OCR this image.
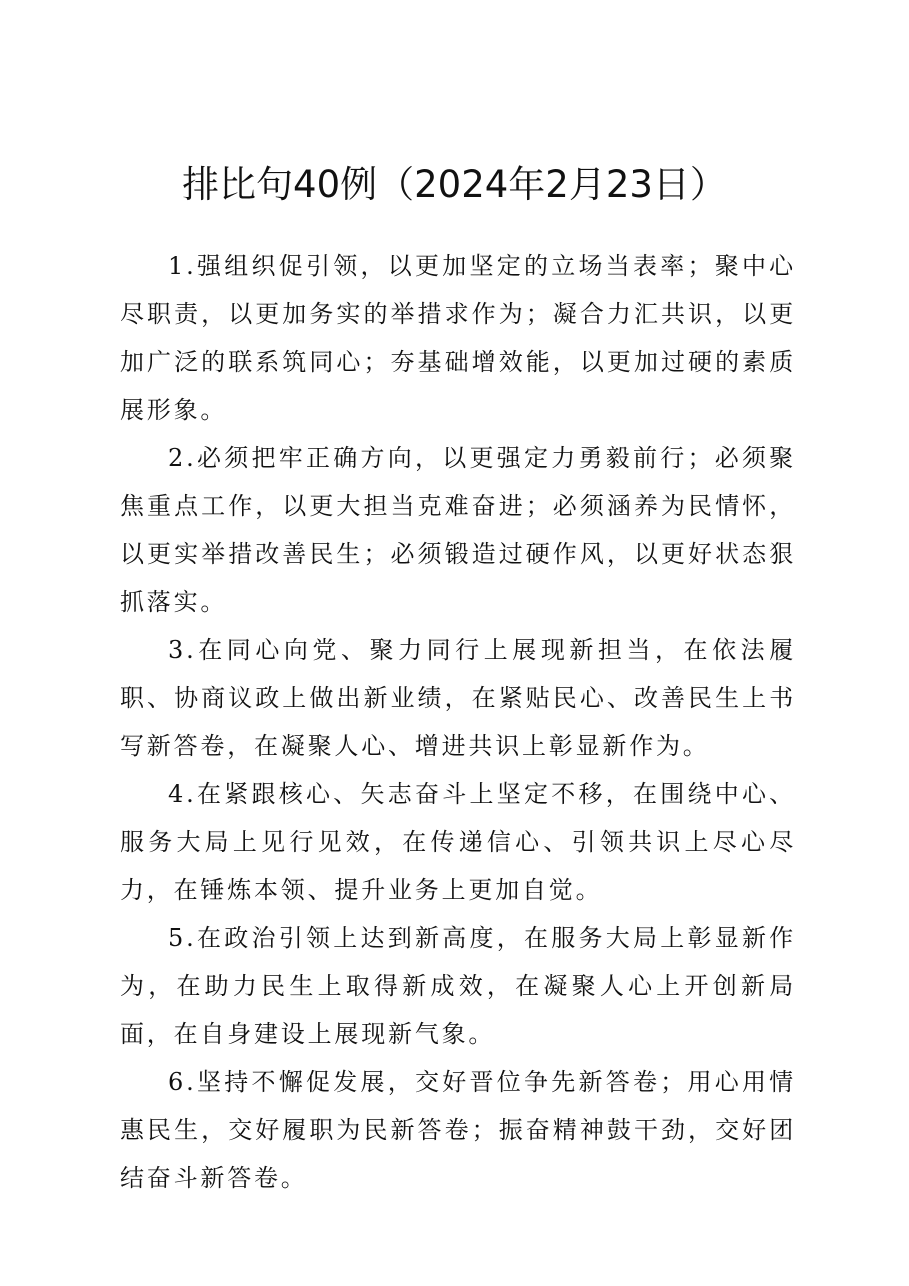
排比句40例（2024年2月23日）

1.强组织促引领，以更加坚定的立场当表率；聚中心尽职责，以更加务实的举措求作为；凝合力汇共识，以更加广泛的联系筑同心；夯基础增效能，以更加过硬的素质展形象。

2.必须把牢正确方向，以更强定力勇毅前行；必须聚焦重点工作，以更大担当克难奋进；必须涵养为民情怀，以更实举措改善民生；必须锻造过硬作风，以更好状态狠抓落实。

3.在同心向党、聚力同行上展现新担当，在依法履职、协商议政上做出新业绩，在紧贴民心、改善民生上书写新答卷，在凝聚人心、增进共识上彰显新作为。

4.在紧跟核心、矢志奋斗上坚定不移，在围绕中心、服务大局上见行见效，在传递信心、引领共识上尽心尽力，在锤炼本领、提升业务上更加自觉。

5.在政治引领上达到新高度，在服务大局上彰显新作为，在助力民生上取得新成效，在凝聚人心上开创新局面，在自身建设上展现新气象。

6.坚持不懈促发展，交好晋位争先新答卷；用心用情惠民生，交好履职为民新答卷；振奋精神鼓干劲，交好团结奋斗新答卷。
